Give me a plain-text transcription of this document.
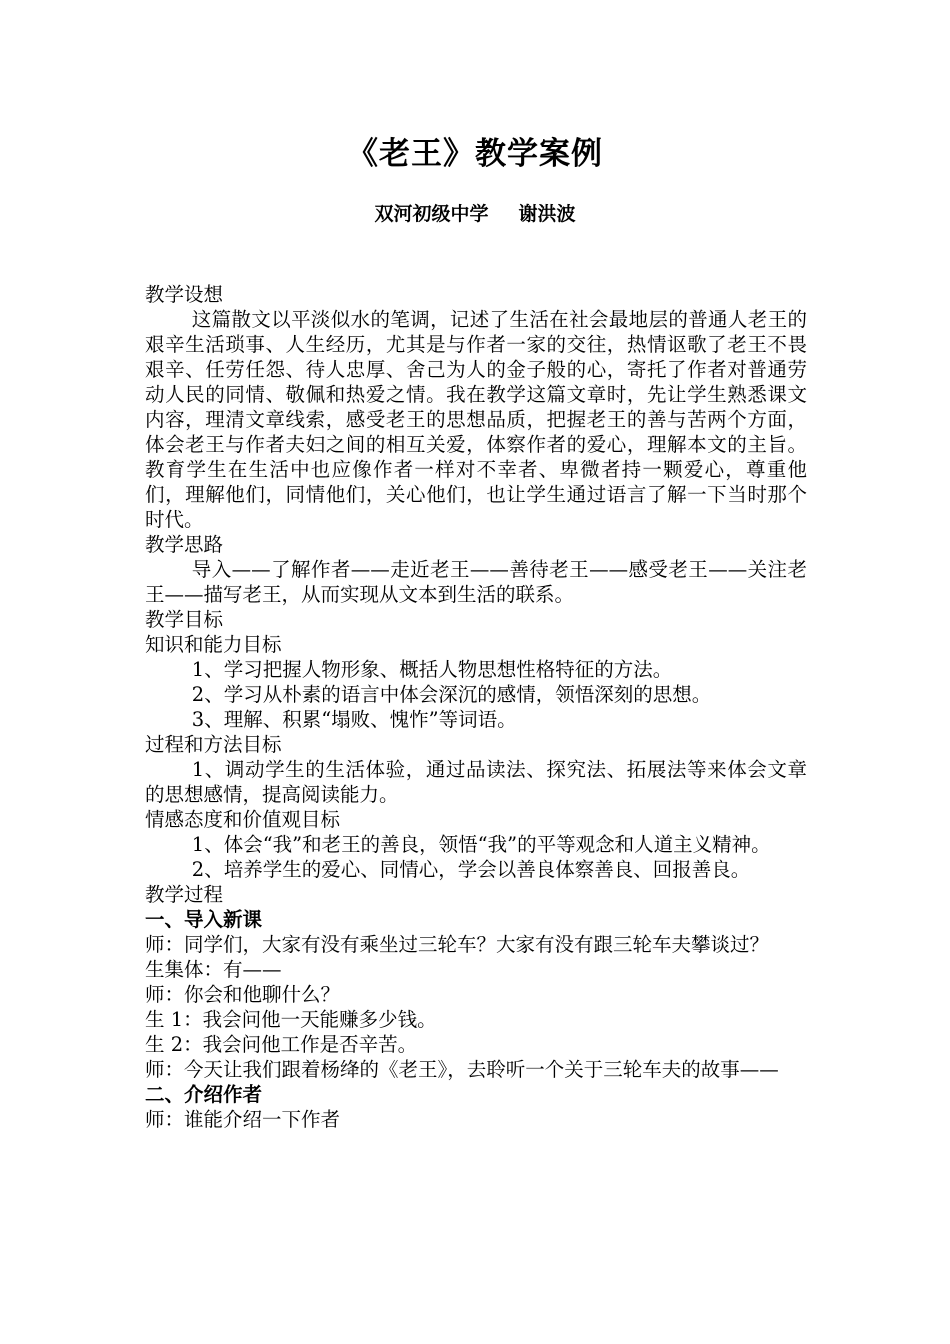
《老王》教学案例
双河初级中学 谢洪波

教学设想

这篇散文以平淡似水的笔调，记述了生活在社会最地层的普通人老王的艰辛生活琐事、人生经历，尤其是与作者一家的交往，热情讴歌了老王不畏艰辛、任劳任怨、待人忠厚、舍己为人的金子般的心，寄托了作者对普通劳动人民的同情、敬佩和热爱之情。我在教学这篇文章时，先让学生熟悉课文内容，理清文章线索，感受老王的思想品质，把握老王的善与苦两个方面，体会老王与作者夫妇之间的相互关爱，体察作者的爱心，理解本文的主旨。教育学生在生活中也应像作者一样对不幸者、卑微者持一颗爱心，尊重他们，理解他们，同情他们，关心他们，也让学生通过语言了解一下当时那个时代。

教学思路

导入——了解作者——走近老王——善待老王——感受老王——关注老王——描写老王，从而实现从文本到生活的联系。

教学目标

知识和能力目标

1、学习把握人物形象、概括人物思想性格特征的方法。

2、学习从朴素的语言中体会深沉的感情，领悟深刻的思想。

3、理解、积累“塌败、愧怍”等词语。

过程和方法目标

1、调动学生的生活体验，通过品读法、探究法、拓展法等来体会文章的思想感情，提高阅读能力。

情感态度和价值观目标

1、体会“我”和老王的善良，领悟“我”的平等观念和人道主义精神。

2、培养学生的爱心、同情心，学会以善良体察善良、回报善良。

教学过程

一、导入新课

师：同学们，大家有没有乘坐过三轮车？大家有没有跟三轮车夫攀谈过？

生集体：有——

师：你会和他聊什么？

生 1：我会问他一天能赚多少钱。

生 2：我会问他工作是否辛苦。

师：今天让我们跟着杨绛的《老王》，去聆听一个关于三轮车夫的故事——

二、介绍作者

师：谁能介绍一下作者
